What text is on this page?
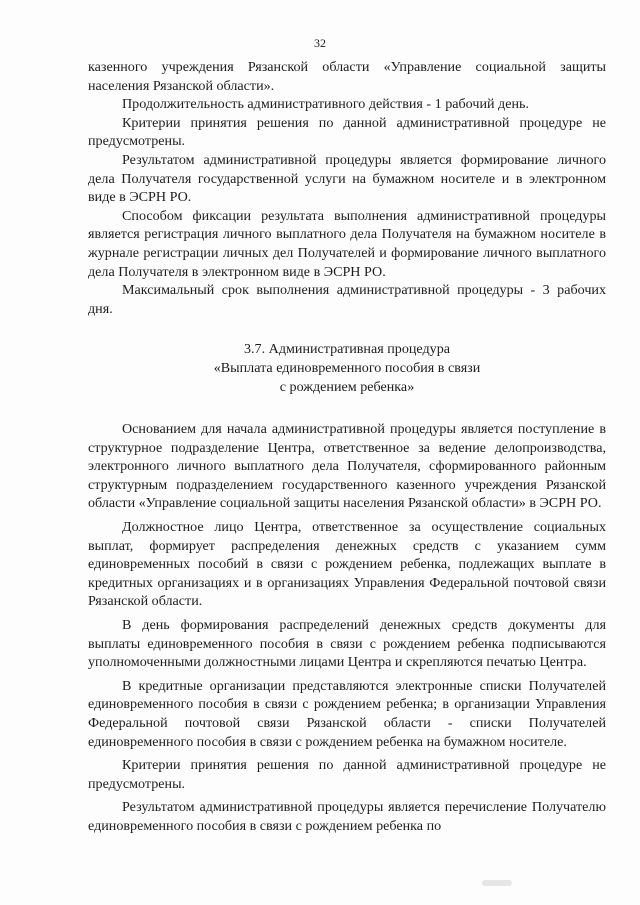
32

казенного учреждения Рязанской области «Управление социальной защиты населения Рязанской области».

Продолжительность административного действия - 1 рабочий день.

Критерии принятия решения по данной административной процедуре не предусмотрены.

Результатом административной процедуры является формирование личного дела Получателя государственной услуги на бумажном носителе и в электронном виде в ЭСРН РО.

Способом фиксации результата выполнения административной процедуры является регистрация личного выплатного дела Получателя на бумажном носителе в журнале регистрации личных дел Получателей и формирование личного выплатного дела Получателя в электронном виде в ЭСРН РО.

Максимальный срок выполнения административной процедуры - 3 рабочих дня.

3.7. Административная процедура
«Выплата единовременного пособия в связи
с рождением ребенка»

Основанием для начала административной процедуры является поступление в структурное подразделение Центра, ответственное за ведение делопроизводства, электронного личного выплатного дела Получателя, сформированного районным структурным подразделением государственного казенного учреждения Рязанской области «Управление социальной защиты населения Рязанской области» в ЭСРН РО.

Должностное лицо Центра, ответственное за осуществление социальных выплат, формирует распределения денежных средств с указанием сумм единовременных пособий в связи с рождением ребенка, подлежащих выплате в кредитных организациях и в организациях Управления Федеральной почтовой связи Рязанской области.

В день формирования распределений денежных средств документы для выплаты единовременного пособия в связи с рождением ребенка подписываются уполномоченными должностными лицами Центра и скрепляются печатью Центра.

В кредитные организации представляются электронные списки Получателей единовременного пособия в связи с рождением ребенка; в организации Управления Федеральной почтовой связи Рязанской области - списки Получателей единовременного пособия в связи с рождением ребенка на бумажном носителе.

Критерии принятия решения по данной административной процедуре не предусмотрены.

Результатом административной процедуры является перечисление Получателю единовременного пособия в связи с рождением ребенка по
